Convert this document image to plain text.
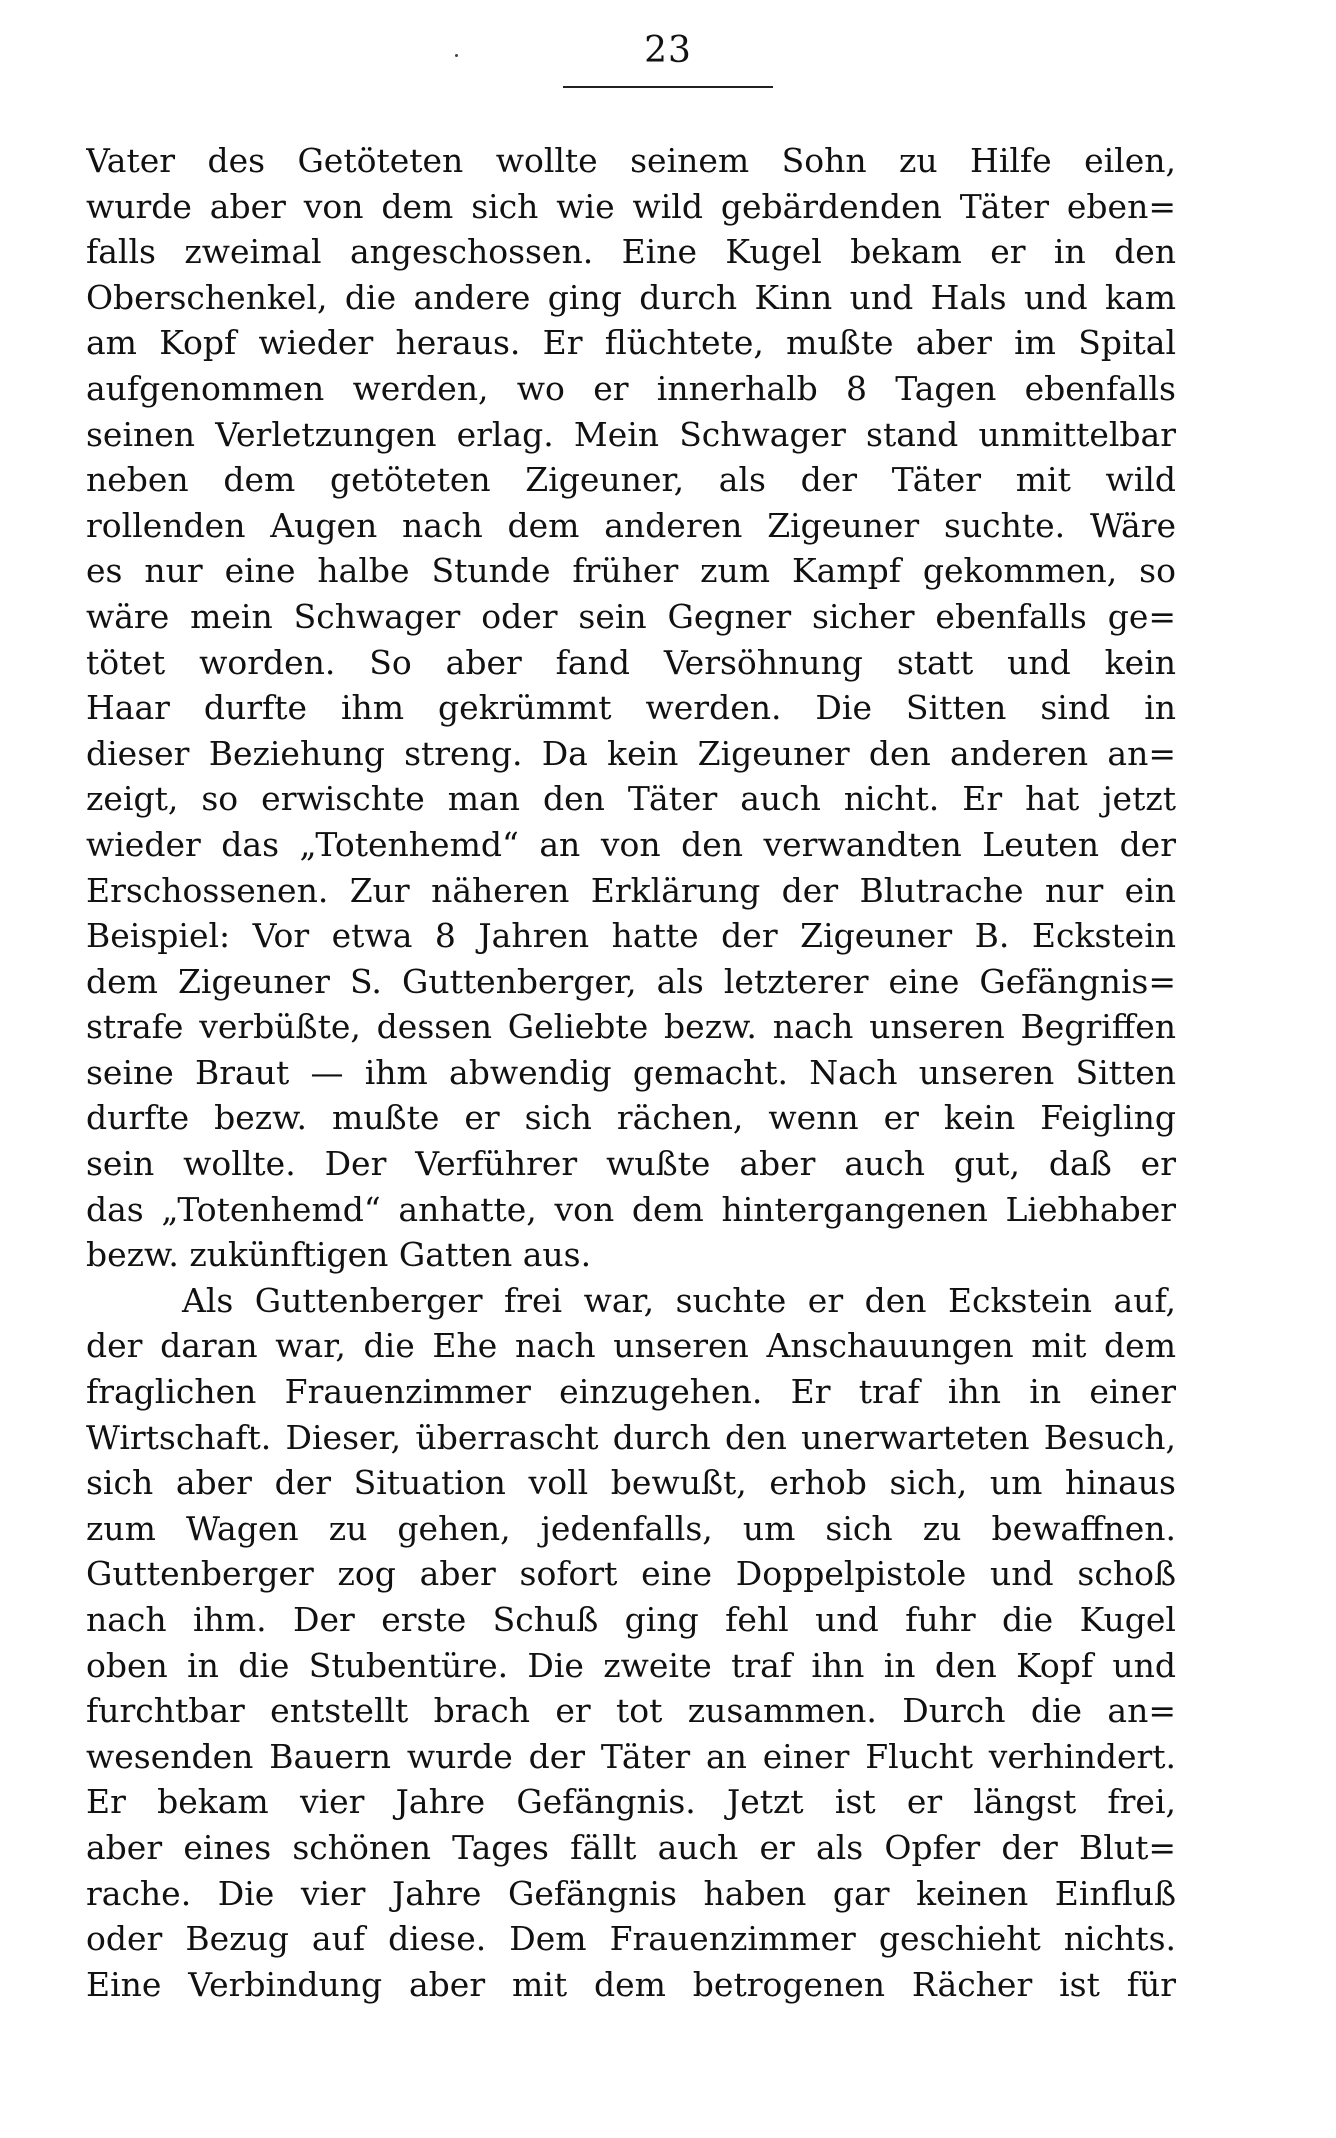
23
Vater des Getöteten wollte seinem Sohn zu Hilfe eilen,
wurde aber von dem sich wie wild gebärdenden Täter eben=
falls zweimal angeschossen. Eine Kugel bekam er in den
Oberschenkel, die andere ging durch Kinn und Hals und kam
am Kopf wieder heraus. Er flüchtete, mußte aber im Spital
aufgenommen werden, wo er innerhalb 8 Tagen ebenfalls
seinen Verletzungen erlag. Mein Schwager stand unmittelbar
neben dem getöteten Zigeuner, als der Täter mit wild
rollenden Augen nach dem anderen Zigeuner suchte. Wäre
es nur eine halbe Stunde früher zum Kampf gekommen, so
wäre mein Schwager oder sein Gegner sicher ebenfalls ge=
tötet worden. So aber fand Versöhnung statt und kein
Haar durfte ihm gekrümmt werden. Die Sitten sind in
dieser Beziehung streng. Da kein Zigeuner den anderen an=
zeigt, so erwischte man den Täter auch nicht. Er hat jetzt
wieder das „Totenhemd“ an von den verwandten Leuten der
Erschossenen. Zur näheren Erklärung der Blutrache nur ein
Beispiel: Vor etwa 8 Jahren hatte der Zigeuner B. Eckstein
dem Zigeuner S. Guttenberger, als letzterer eine Gefängnis=
strafe verbüßte, dessen Geliebte bezw. nach unseren Begriffen
seine Braut — ihm abwendig gemacht. Nach unseren Sitten
durfte bezw. mußte er sich rächen, wenn er kein Feigling
sein wollte. Der Verführer wußte aber auch gut, daß er
das „Totenhemd“ anhatte, von dem hintergangenen Liebhaber
bezw. zukünftigen Gatten aus.
Als Guttenberger frei war, suchte er den Eckstein auf,
der daran war, die Ehe nach unseren Anschauungen mit dem
fraglichen Frauenzimmer einzugehen. Er traf ihn in einer
Wirtschaft. Dieser, überrascht durch den unerwarteten Besuch,
sich aber der Situation voll bewußt, erhob sich, um hinaus
zum Wagen zu gehen, jedenfalls, um sich zu bewaffnen.
Guttenberger zog aber sofort eine Doppelpistole und schoß
nach ihm. Der erste Schuß ging fehl und fuhr die Kugel
oben in die Stubentüre. Die zweite traf ihn in den Kopf und
furchtbar entstellt brach er tot zusammen. Durch die an=
wesenden Bauern wurde der Täter an einer Flucht verhindert.
Er bekam vier Jahre Gefängnis. Jetzt ist er längst frei,
aber eines schönen Tages fällt auch er als Opfer der Blut=
rache. Die vier Jahre Gefängnis haben gar keinen Einfluß
oder Bezug auf diese. Dem Frauenzimmer geschieht nichts.
Eine Verbindung aber mit dem betrogenen Rächer ist für
